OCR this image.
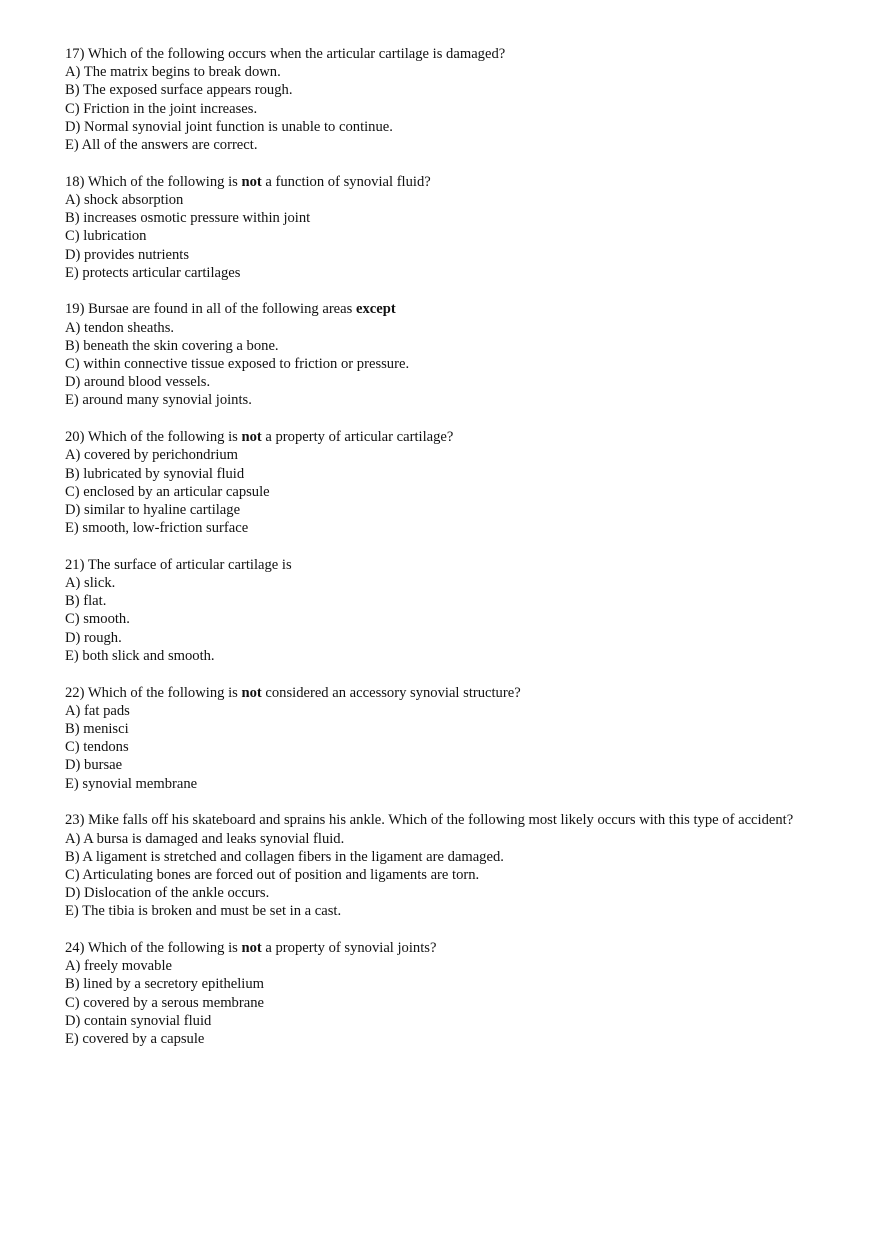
17) Which of the following occurs when the articular cartilage is damaged?
A) The matrix begins to break down.
B) The exposed surface appears rough.
C) Friction in the joint increases.
D) Normal synovial joint function is unable to continue.
E) All of the answers are correct.
18) Which of the following is not a function of synovial fluid?
A) shock absorption
B) increases osmotic pressure within joint
C) lubrication
D) provides nutrients
E) protects articular cartilages
19) Bursae are found in all of the following areas except
A) tendon sheaths.
B) beneath the skin covering a bone.
C) within connective tissue exposed to friction or pressure.
D) around blood vessels.
E) around many synovial joints.
20) Which of the following is not a property of articular cartilage?
A) covered by perichondrium
B) lubricated by synovial fluid
C) enclosed by an articular capsule
D) similar to hyaline cartilage
E) smooth, low-friction surface
21) The surface of articular cartilage is
A) slick.
B) flat.
C) smooth.
D) rough.
E) both slick and smooth.
22) Which of the following is not considered an accessory synovial structure?
A) fat pads
B) menisci
C) tendons
D) bursae
E) synovial membrane
23) Mike falls off his skateboard and sprains his ankle. Which of the following most likely occurs with this type of accident?
A) A bursa is damaged and leaks synovial fluid.
B) A ligament is stretched and collagen fibers in the ligament are damaged.
C) Articulating bones are forced out of position and ligaments are torn.
D) Dislocation of the ankle occurs.
E) The tibia is broken and must be set in a cast.
24) Which of the following is not a property of synovial joints?
A) freely movable
B) lined by a secretory epithelium
C) covered by a serous membrane
D) contain synovial fluid
E) covered by a capsule
